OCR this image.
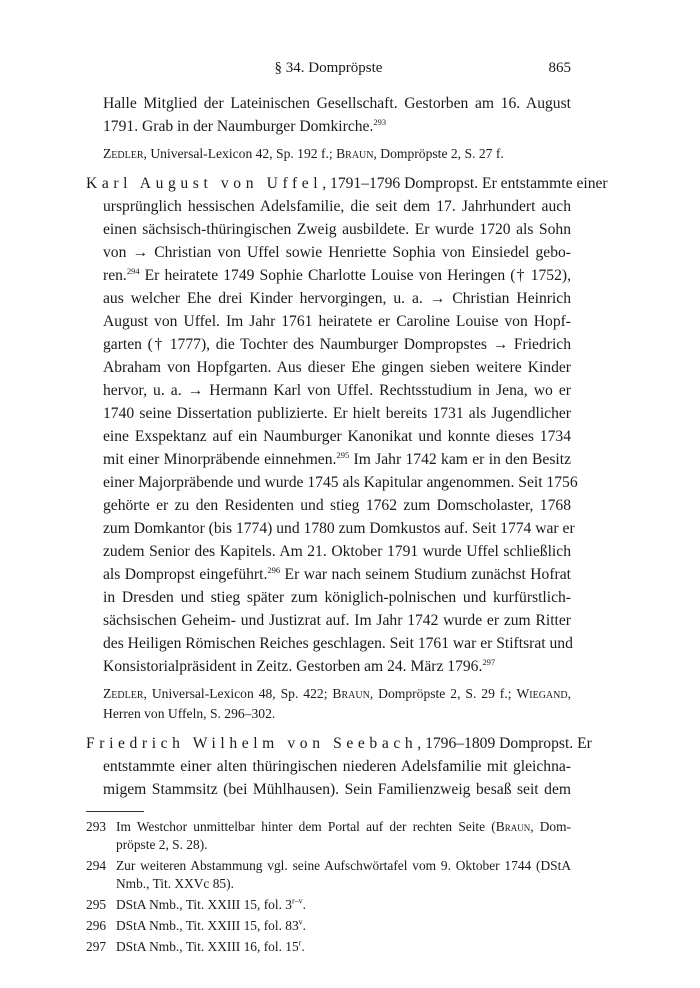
§ 34. Dompröpste	865
Halle Mitglied der Lateinischen Gesellschaft. Gestorben am 16. August
1791. Grab in der Naumburger Domkirche.$^{293}$
Zedler, Universal-Lexicon 42, Sp. 192 f.; Braun, Dompröpste 2, S. 27 f.
Karl August von Uffel, 1791–1796 Dompropst. Er entstammte einer
ursprünglich hessischen Adelsfamilie, die seit dem 17. Jahrhundert auch
einen sächsisch-thüringischen Zweig ausbildete. Er wurde 1720 als Sohn
von → Christian von Uffel sowie Henriette Sophia von Einsiedel gebo-
ren.$^{294}$ Er heiratete 1749 Sophie Charlotte Louise von Heringen († 1752),
aus welcher Ehe drei Kinder hervorgingen, u. a. → Christian Heinrich
August von Uffel. Im Jahr 1761 heiratete er Caroline Louise von Hopf-
garten († 1777), die Tochter des Naumburger Dompropstes → Friedrich
Abraham von Hopfgarten. Aus dieser Ehe gingen sieben weitere Kinder
hervor, u. a. → Hermann Karl von Uffel. Rechtsstudium in Jena, wo er
1740 seine Dissertation publizierte. Er hielt bereits 1731 als Jugendlicher
eine Exspektanz auf ein Naumburger Kanonikat und konnte dieses 1734
mit einer Minorpräbende einnehmen.$^{295}$ Im Jahr 1742 kam er in den Besitz
einer Majorpräbende und wurde 1745 als Kapitular angenommen. Seit 1756
gehörte er zu den Residenten und stieg 1762 zum Domscholaster, 1768
zum Domkantor (bis 1774) und 1780 zum Domkustos auf. Seit 1774 war er
zudem Senior des Kapitels. Am 21. Oktober 1791 wurde Uffel schließlich
als Dompropst eingeführt.$^{296}$ Er war nach seinem Studium zunächst Hofrat
in Dresden und stieg später zum königlich-polnischen und kurfürstlich-
sächsischen Geheim- und Justizrat auf. Im Jahr 1742 wurde er zum Ritter
des Heiligen Römischen Reiches geschlagen. Seit 1761 war er Stiftsrat und
Konsistorialpräsident in Zeitz. Gestorben am 24. März 1796.$^{297}$
Zedler, Universal-Lexicon 48, Sp. 422; Braun, Dompröpste 2, S. 29 f.; Wiegand,
Herren von Uffeln, S. 296–302.
Friedrich Wilhelm von Seebach, 1796–1809 Dompropst. Er
entstammte einer alten thüringischen niederen Adelsfamilie mit gleichna-
migem Stammsitz (bei Mühlhausen). Sein Familienzweig besaß seit dem
293 Im Westchor unmittelbar hinter dem Portal auf der rechten Seite (Braun, Dom-
pröpste 2, S. 28).
294 Zur weiteren Abstammung vgl. seine Aufschwörtafel vom 9. Oktober 1744 (DStA
Nmb., Tit. XXVc 85).
295 DStA Nmb., Tit. XXIII 15, fol. 3$^{r-v}$.
296 DStA Nmb., Tit. XXIII 15, fol. 83$^v$.
297 DStA Nmb., Tit. XXIII 16, fol. 15$^r$.
